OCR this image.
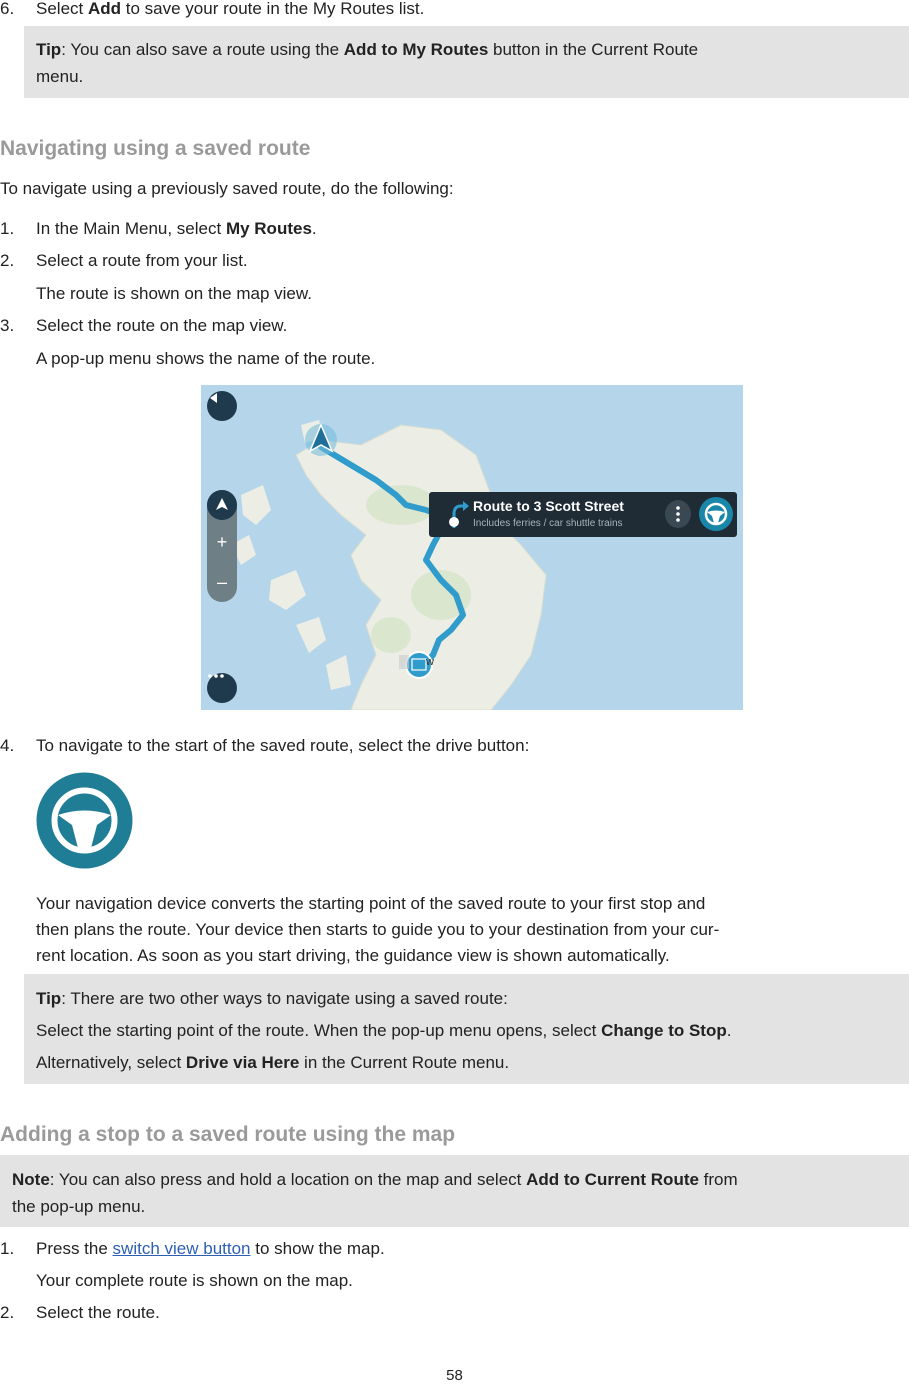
6. Select Add to save your route in the My Routes list.
Tip: You can also save a route using the Add to My Routes button in the Current Route
menu.
Navigating using a saved route
To navigate using a previously saved route, do the following:
1. In the Main Menu, select My Routes.
2. Select a route from your list.
The route is shown on the map view.
3. Select the route on the map view.
A pop-up menu shows the name of the route.
w
+
–
Route to 3 Scott Street
Includes ferries / car shuttle trains
4. To navigate to the start of the saved route, select the drive button:
Your navigation device converts the starting point of the saved route to your first stop and
then plans the route. Your device then starts to guide you to your destination from your cur-
rent location. As soon as you start driving, the guidance view is shown automatically.
Tip: There are two other ways to navigate using a saved route:
Select the starting point of the route. When the pop-up menu opens, select Change to Stop.
Alternatively, select Drive via Here in the Current Route menu.
Adding a stop to a saved route using the map
Note: You can also press and hold a location on the map and select Add to Current Route from
the pop-up menu.
1. Press the switch view button to show the map.
Your complete route is shown on the map.
2. Select the route.
58
